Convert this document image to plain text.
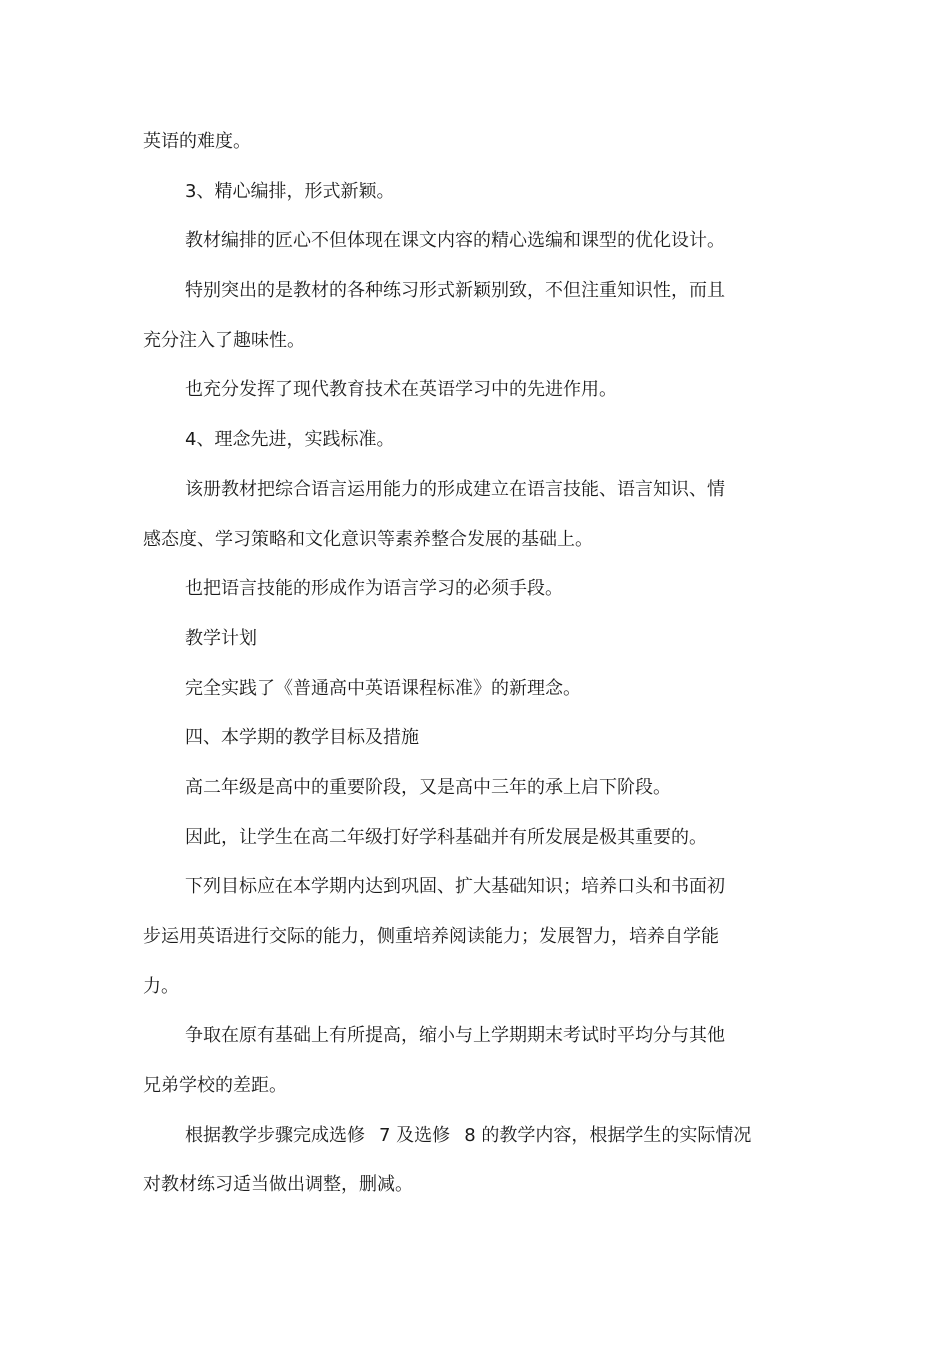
英语的难度。
3、精心编排，形式新颖。
教材编排的匠心不但体现在课文内容的精心选编和课型的优化设计。
特别突出的是教材的各种练习形式新颖别致，不但注重知识性，而且
充分注入了趣味性。
也充分发挥了现代教育技术在英语学习中的先进作用。
4、理念先进，实践标准。
该册教材把综合语言运用能力的形成建立在语言技能、语言知识、情
感态度、学习策略和文化意识等素养整合发展的基础上。
也把语言技能的形成作为语言学习的必须手段。
教学计划
完全实践了《普通高中英语课程标准》的新理念。
四、本学期的教学目标及措施
高二年级是高中的重要阶段，又是高中三年的承上启下阶段。
因此，让学生在高二年级打好学科基础并有所发展是极其重要的。
下列目标应在本学期内达到巩固、扩大基础知识；培养口头和书面初
步运用英语进行交际的能力，侧重培养阅读能力；发展智力，培养自学能
力。
争取在原有基础上有所提高，缩小与上学期期末考试时平均分与其他
兄弟学校的差距。
根据教学步骤完成选修 7 及选修 8 的教学内容，根据学生的实际情况
对教材练习适当做出调整，删减。
